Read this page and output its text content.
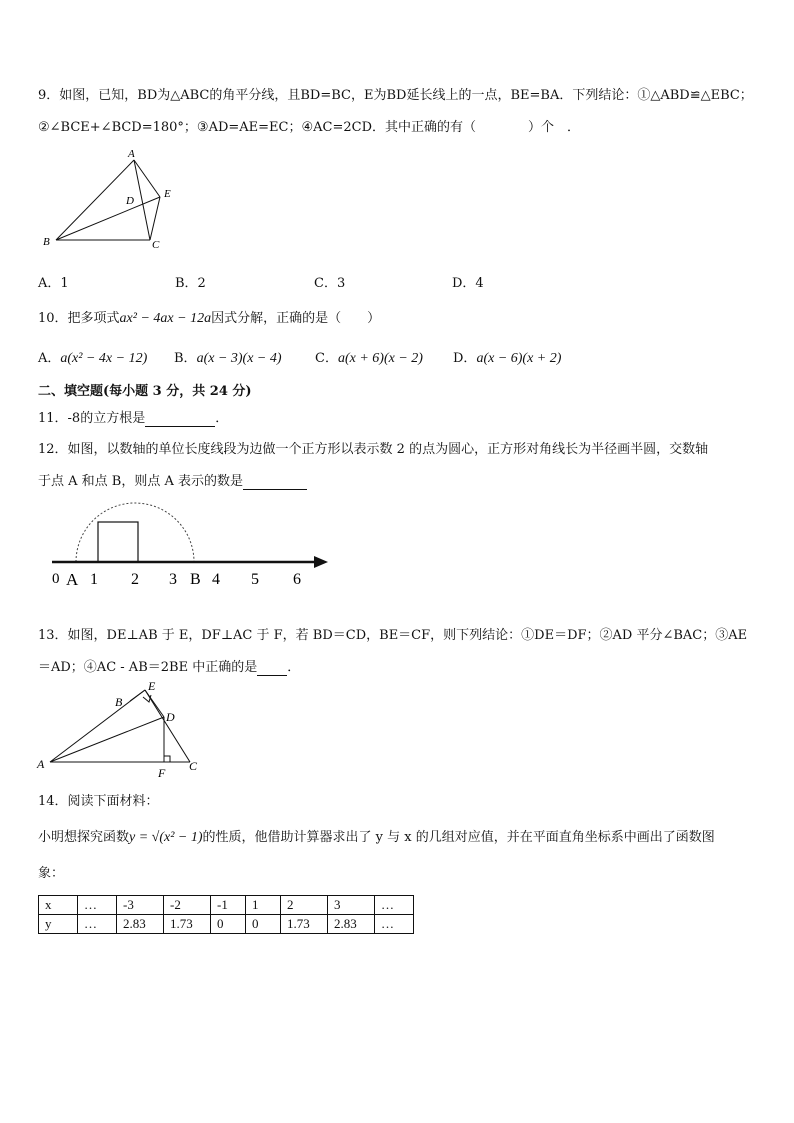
9．如图，已知，BD为△ABC的角平分线，且BD=BC，E为BD延长线上的一点，BE=BA．下列结论：①△ABD≌△EBC；
②∠BCE+∠BCD=180°；③AD=AE=EC；④AC=2CD．其中正确的有（　　　　）个　．
A
B	C
D
E
A．1	B．2	C．3	D．4
10．把多项式ax² − 4ax − 12a因式分解，正确的是（　　）
A．a(x² − 4x − 12) B．a(x − 3)(x − 4)	C．a(x + 6)(x − 2) D．a(x − 6)(x + 2)
二、填空题(每小题 3 分，共 24 分)
11．-8的立方根是	．
12．如图，以数轴的单位长度线段为边做一个正方形以表示数 2 的点为圆心，正方形对角线长为半径画半圆，交数轴
于点 A 和点 B，则点 A 表示的数是
0 A 1 2 3 B 4 5 6
13．如图，DE⊥AB 于 E，DF⊥AC 于 F，若 BD＝CD，BE＝CF，则下列结论：①DE＝DF；②AD 平分∠BAC；③AE
＝AD；④AC - AB＝2BE 中正确的是 ．
E
B
D
A	C
F
14．阅读下面材料：
小明想探究函数y = √(x² − 1)的性质，他借助计算器求出了 y 与 x 的几组对应值，并在平面直角坐标系中画出了函数图
象：
x	…	-3	-2	-1	1	2	3	…
y	…	2.83	1.73	0	0	1.73	2.83	…
